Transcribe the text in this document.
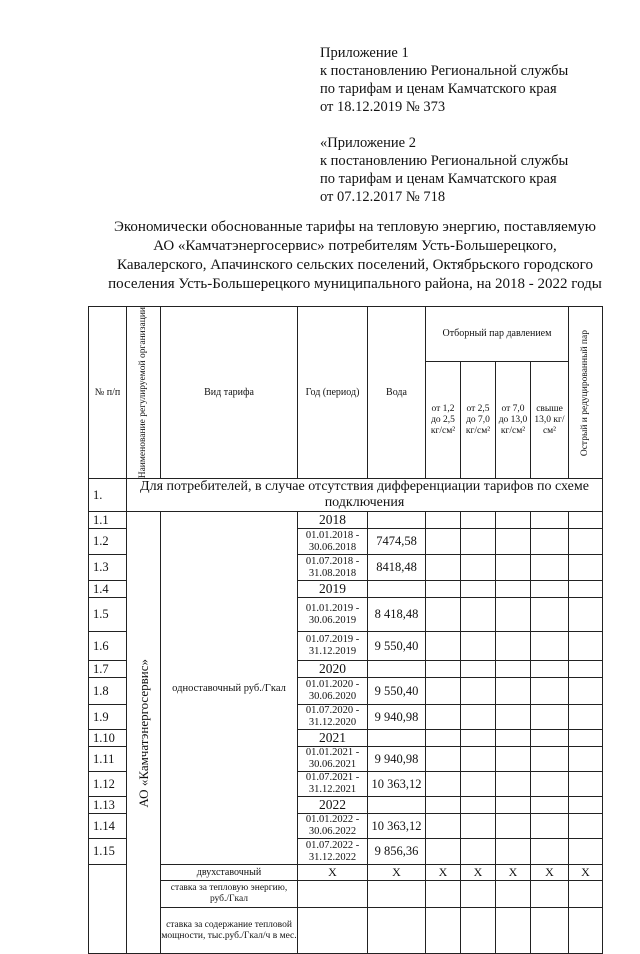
Приложение 1
к постановлению Региональной службы
по тарифам и ценам Камчатского края
от 18.12.2019 № 373
«Приложение 2
к постановлению Региональной службы
по тарифам и ценам Камчатского края
от 07.12.2017 № 718
Экономически обоснованные тарифы на тепловую энергию, поставляемую
АО «Камчатэнергосервис» потребителям Усть-Большерецкого,
Кавалерского, Апачинского сельских поселений, Октябрьского городского
поселения Усть-Большерецкого муниципального района, на 2018 - 2022 годы
№ п/п	Наименование регулируемой организации	Вид тарифа	Год (период)	Вода	Отборный пар давлением				Острый и редуцированный пар

					от 1,2 до 2,5 кг/см²	от 2,5 до 7,0 кг/см²	от 7,0 до 13,0 кг/см²	свыше 13,0 кг/см²	
1.	Для потребителей, в случае отсутствия дифференциации тарифов по схеме подключения								
1.1	АО «Камчатэнергосервис»	одноставочный руб./Гкал	2018						
1.2			01.01.2018 - 30.06.2018	7474,58					
1.3			01.07.2018 - 31.08.2018	8418,48					
1.4			2019						
1.5			01.01.2019 - 30.06.2019	8 418,48					
1.6			01.07.2019 - 31.12.2019	9 550,40					
1.7			2020						
1.8			01.01.2020 - 30.06.2020	9 550,40					
1.9			01.07.2020 - 31.12.2020	9 940,98					
1.10			2021						
1.11			01.01.2021 - 30.06.2021	9 940,98					
1.12			01.07.2021 - 31.12.2021	10 363,12					
1.13			2022						
1.14			01.01.2022 - 30.06.2022	10 363,12					
1.15			01.07.2022 - 31.12.2022	9 856,36					
		двухставочный	X	X	X	X	X	X	X
		ставка за тепловую энергию, руб./Гкал							
		ставка за содержание тепловой мощности, тыс.руб./Гкал/ч в мес.							
